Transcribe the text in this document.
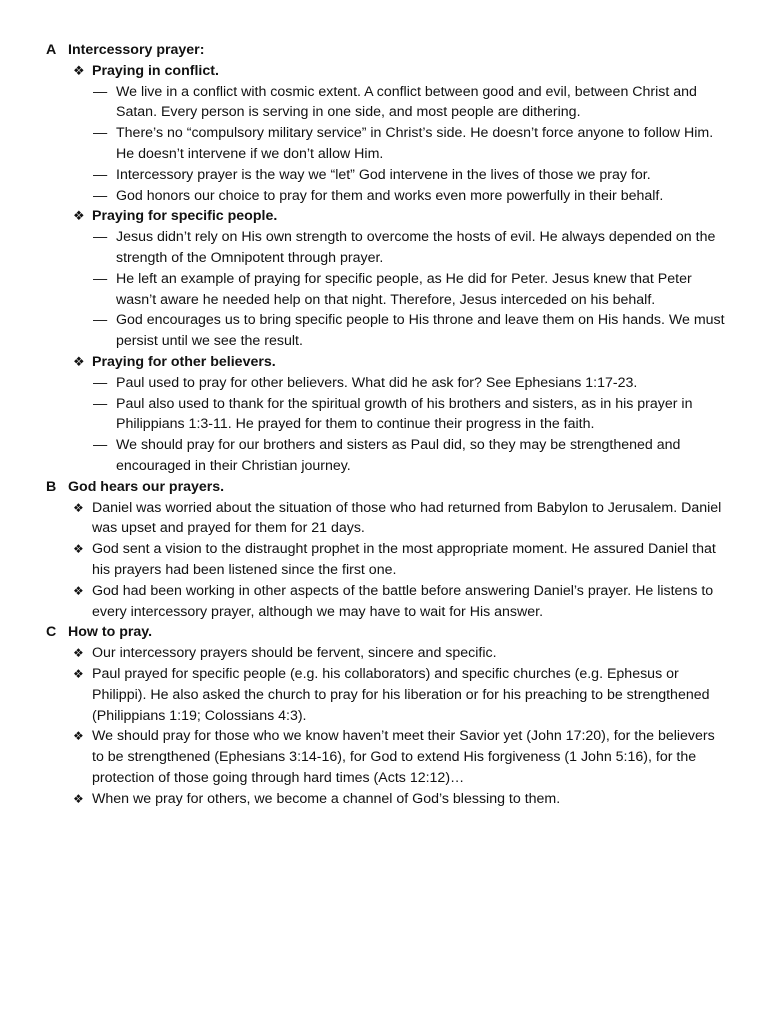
A Intercessory prayer:
❖ Praying in conflict.
— We live in a conflict with cosmic extent. A conflict between good and evil, between Christ and Satan. Every person is serving in one side, and most people are dithering.
— There’s no “compulsory military service” in Christ’s side. He doesn’t force anyone to follow Him. He doesn’t intervene if we don’t allow Him.
— Intercessory prayer is the way we “let” God intervene in the lives of those we pray for.
— God honors our choice to pray for them and works even more powerfully in their behalf.
❖ Praying for specific people.
— Jesus didn’t rely on His own strength to overcome the hosts of evil. He always depended on the strength of the Omnipotent through prayer.
— He left an example of praying for specific people, as He did for Peter. Jesus knew that Peter wasn’t aware he needed help on that night. Therefore, Jesus interceded on his behalf.
— God encourages us to bring specific people to His throne and leave them on His hands. We must persist until we see the result.
❖ Praying for other believers.
— Paul used to pray for other believers. What did he ask for? See Ephesians 1:17-23.
— Paul also used to thank for the spiritual growth of his brothers and sisters, as in his prayer in Philippians 1:3-11. He prayed for them to continue their progress in the faith.
— We should pray for our brothers and sisters as Paul did, so they may be strengthened and encouraged in their Christian journey.
B God hears our prayers.
❖ Daniel was worried about the situation of those who had returned from Babylon to Jerusalem. Daniel was upset and prayed for them for 21 days.
❖ God sent a vision to the distraught prophet in the most appropriate moment. He assured Daniel that his prayers had been listened since the first one.
❖ God had been working in other aspects of the battle before answering Daniel’s prayer. He listens to every intercessory prayer, although we may have to wait for His answer.
C How to pray.
❖ Our intercessory prayers should be fervent, sincere and specific.
❖ Paul prayed for specific people (e.g. his collaborators) and specific churches (e.g. Ephesus or Philippi). He also asked the church to pray for his liberation or for his preaching to be strengthened (Philippians 1:19; Colossians 4:3).
❖ We should pray for those who we know haven’t meet their Savior yet (John 17:20), for the believers to be strengthened (Ephesians 3:14-16), for God to extend His forgiveness (1 John 5:16), for the protection of those going through hard times (Acts 12:12)…
❖ When we pray for others, we become a channel of God’s blessing to them.
